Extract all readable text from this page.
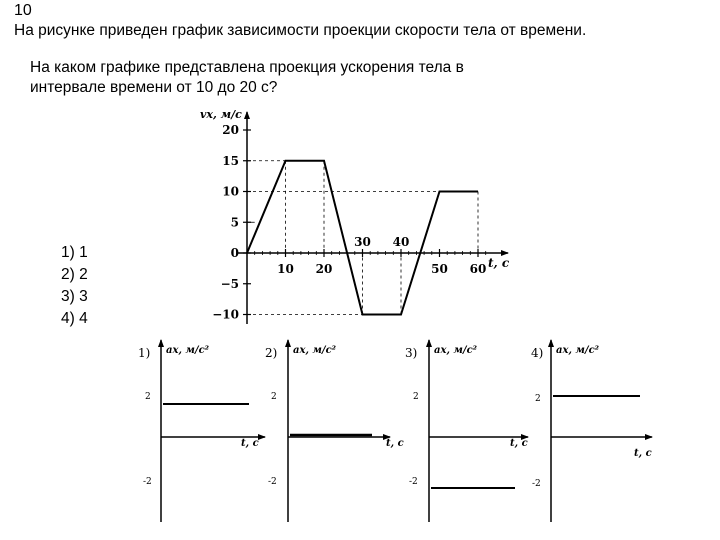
10
На рисунке приведен график зависимости проекции скорости тела от времени.
На каком графике представлена проекция ускорения тела в интервале времени от 10 до 20 с?
1) 1
2) 2
3) 3
4) 4
vx, м/с
t, с
10 20
30 40
50 60
20
15
10
5
0
−5
−10
1) ax, м/с²
t, с
2
-2
2) ax, м/с²
t, с
2
-2
3) ax, м/с²
t, с
2
-2
4) ax, м/с²
t, с
2
-2
